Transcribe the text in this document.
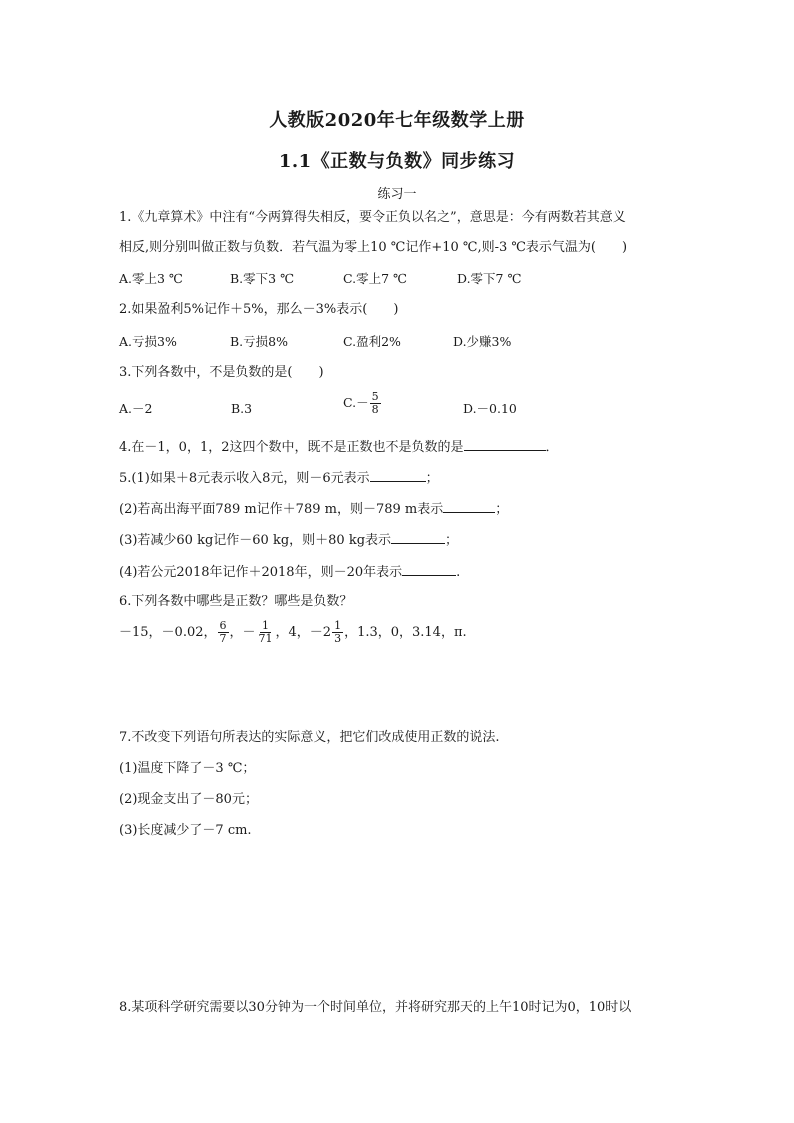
人教版2020年七年级数学上册
1.1《正数与负数》同步练习
练习一
1.《九章算术》中注有“今两算得失相反，要令正负以名之”，意思是：今有两数若其意义
相反,则分别叫做正数与负数．若气温为零上10 ℃记作+10 ℃,则-3 ℃表示气温为(　　)
A.零上3 ℃	B.零下3 ℃	C.零上7 ℃	D.零下7 ℃
2.如果盈利5%记作＋5%，那么－3%表示(　　)
A.亏损3%	B.亏损8%	C.盈利2%	D.少赚3%
3.下列各数中，不是负数的是(　　)
A.－2	B.3	$C.- \frac{5}{8}$	D.－0.10
4.在－1，0，1，2这四个数中，既不是正数也不是负数的是	．
5.(1)如果＋8元表示收入8元，则－6元表示	；
(2)若高出海平面789 m记作＋789 m，则－789 m表示	；
(3)若减少60 kg记作－60 kg，则＋80 kg表示	；
(4)若公元2018年记作＋2018年，则－20年表示	.
6.下列各数中哪些是正数？哪些是负数？
－15，－0.02， $\frac{6}{7}$ ，－ $\frac{1}{71}$ ，4，$-2 \frac{1}{3}$ ，1.3，0，3.14，π.
7.不改变下列语句所表达的实际意义，把它们改成使用正数的说法.
(1)温度下降了－3 ℃；
(2)现金支出了－80元；
(3)长度减少了－7 cm.
8.某项科学研究需要以30分钟为一个时间单位，并将研究那天的上午10时记为0，10时以
